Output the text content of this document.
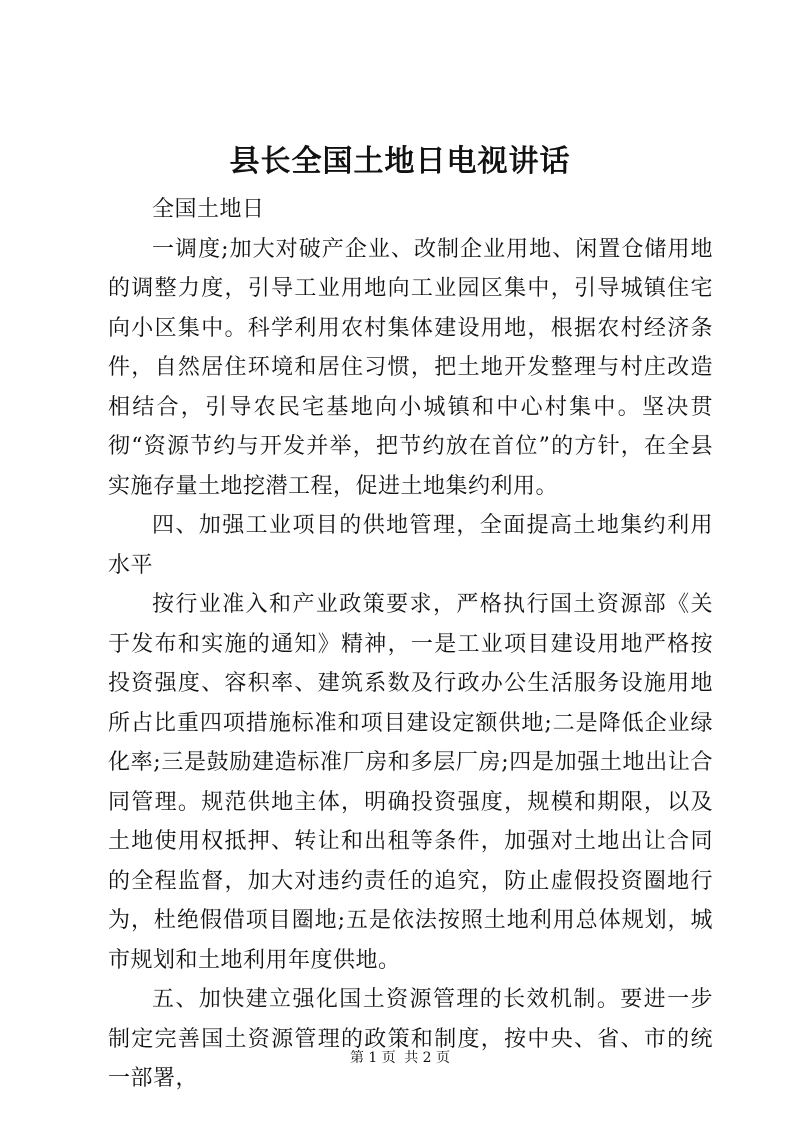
县长全国土地日电视讲话

全国土地日

一调度;加大对破产企业、改制企业用地、闲置仓储用地的调整力度，引导工业用地向工业园区集中，引导城镇住宅向小区集中。科学利用农村集体建设用地，根据农村经济条件，自然居住环境和居住习惯，把土地开发整理与村庄改造相结合，引导农民宅基地向小城镇和中心村集中。坚决贯彻“资源节约与开发并举，把节约放在首位”的方针，在全县实施存量土地挖潜工程，促进土地集约利用。

四、加强工业项目的供地管理，全面提高土地集约利用水平

按行业准入和产业政策要求，严格执行国土资源部《关于发布和实施的通知》精神，一是工业项目建设用地严格按投资强度、容积率、建筑系数及行政办公生活服务设施用地所占比重四项措施标准和项目建设定额供地;二是降低企业绿化率;三是鼓励建造标准厂房和多层厂房;四是加强土地出让合同管理。规范供地主体，明确投资强度，规模和期限，以及土地使用权抵押、转让和出租等条件，加强对土地出让合同的全程监督，加大对违约责任的追究，防止虚假投资圈地行为，杜绝假借项目圈地;五是依法按照土地利用总体规划，城市规划和土地利用年度供地。

五、加快建立强化国土资源管理的长效机制。要进一步制定完善国土资源管理的政策和制度，按中央、省、市的统一部署，

第 1 页 共 2 页
